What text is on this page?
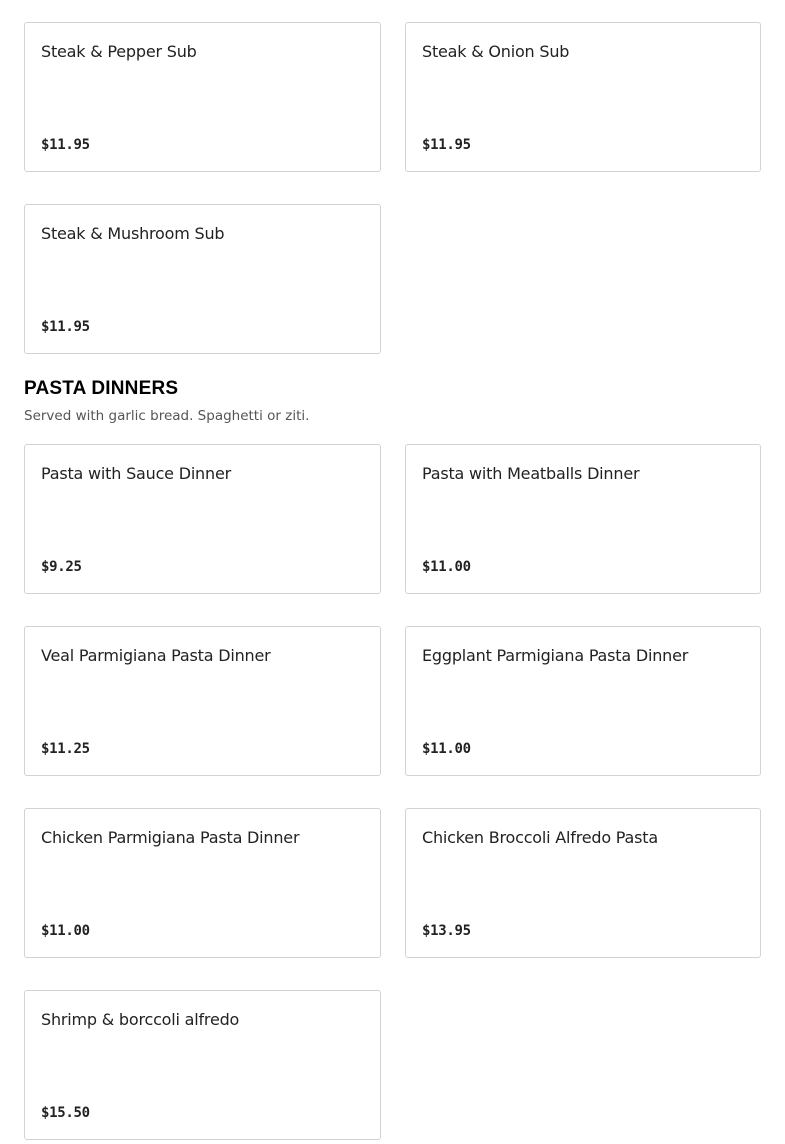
Steak & Pepper Sub
$11.95
Steak & Onion Sub
$11.95
Steak & Mushroom Sub
$11.95
PASTA DINNERS

Served with garlic bread. Spaghetti or ziti.

Pasta with Sauce Dinner
$9.25
Pasta with Meatballs Dinner
$11.00
Veal Parmigiana Pasta Dinner
$11.25
Eggplant Parmigiana Pasta Dinner
$11.00
Chicken Parmigiana Pasta Dinner
$11.00
Chicken Broccoli Alfredo Pasta
$13.95
Shrimp & borccoli alfredo
$15.50
